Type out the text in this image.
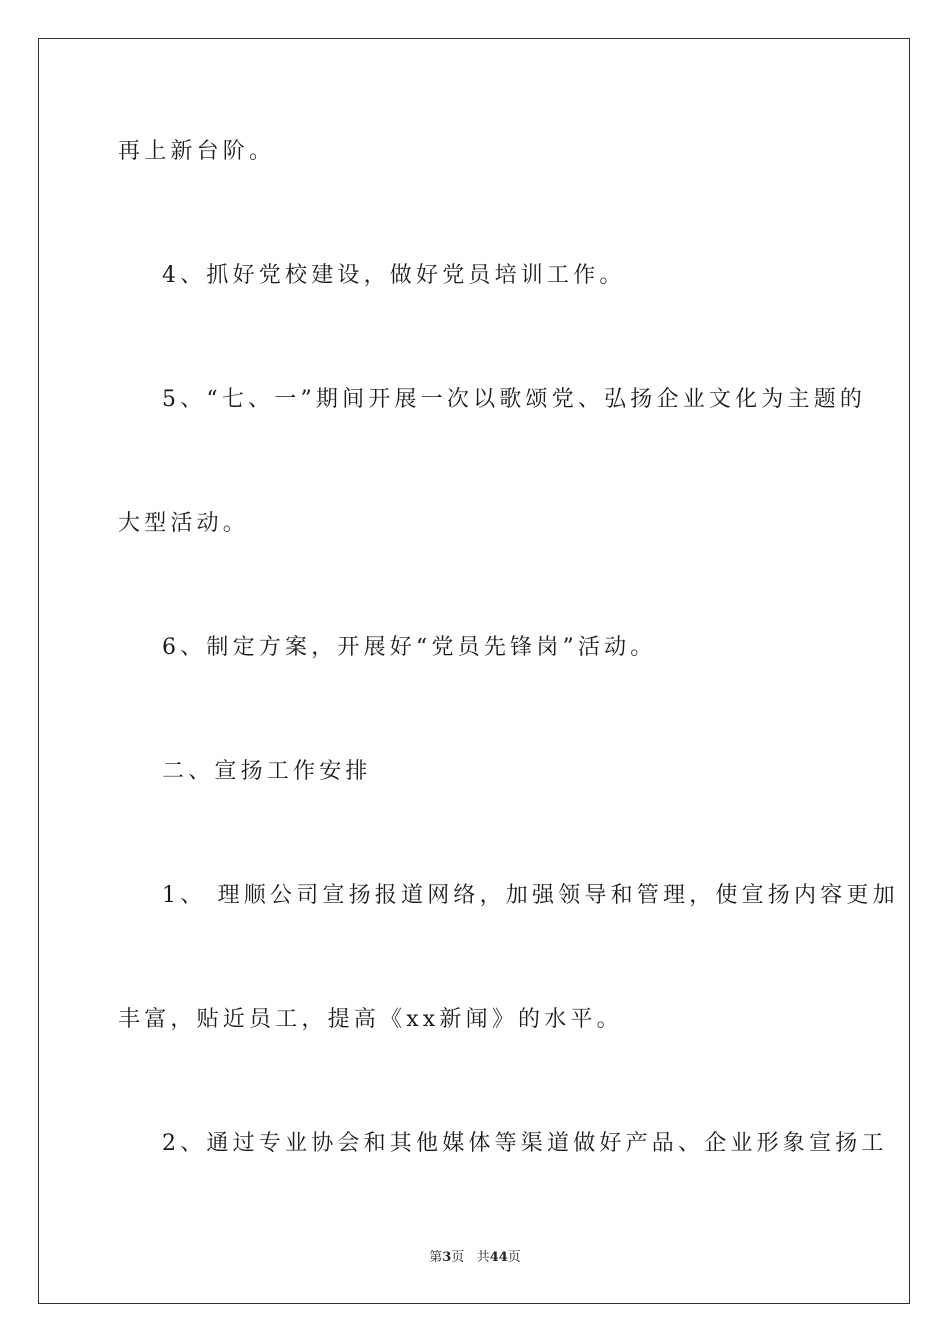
再上新台阶。
4、抓好党校建设，做好党员培训工作。
5、“七、一”期间开展一次以歌颂党、弘扬企业文化为主题的
大型活动。
6、制定方案，开展好“党员先锋岗”活动。
二、宣扬工作安排
1、 理顺公司宣扬报道网络，加强领导和管理，使宣扬内容更加
丰富，贴近员工，提高《xx新闻》的水平。
2、通过专业协会和其他媒体等渠道做好产品、企业形象宣扬工
第3页 共44页
